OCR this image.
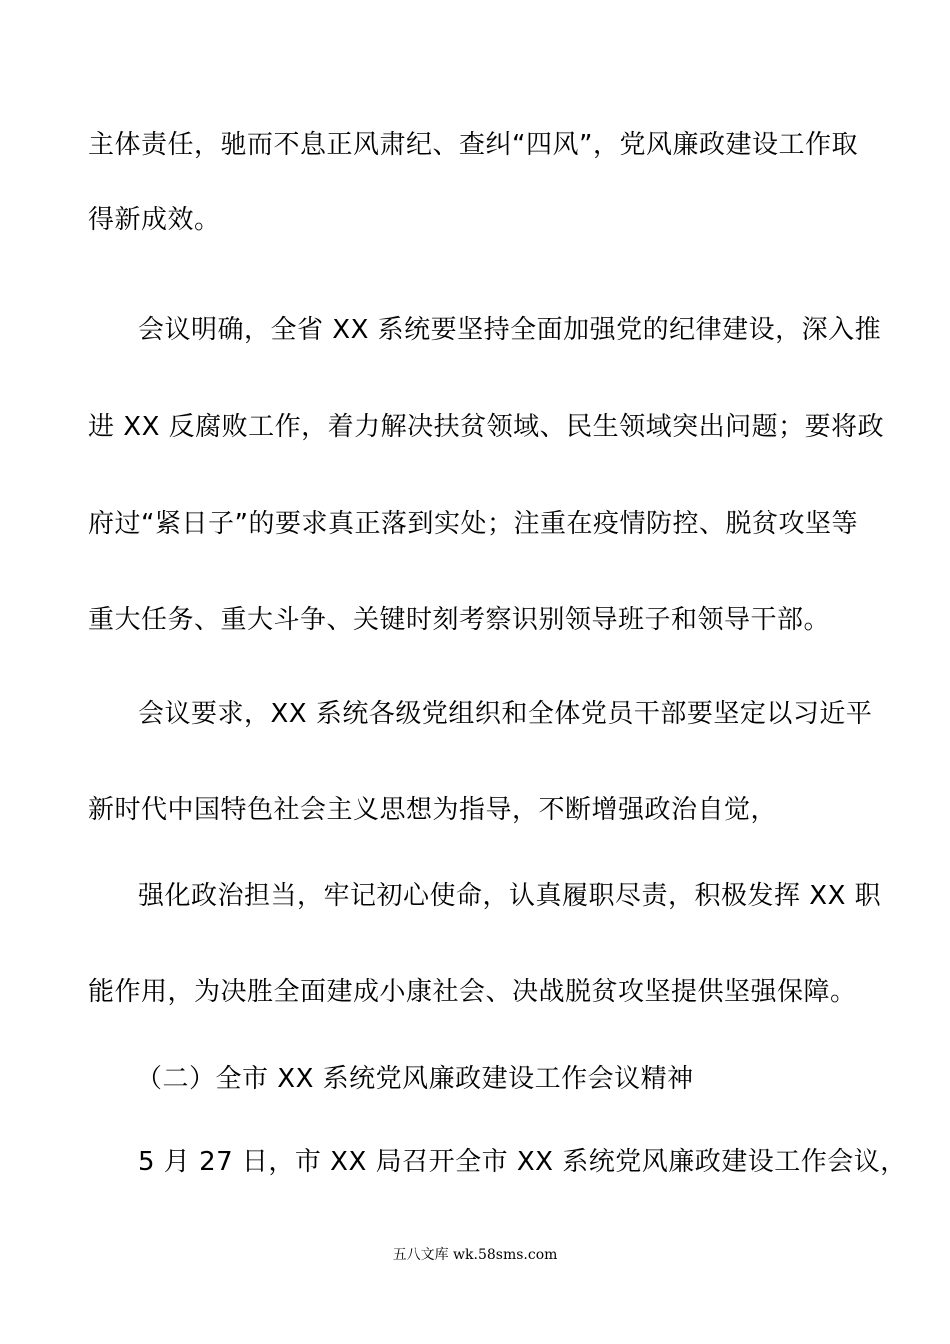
主体责任，驰而不息正风肃纪、查纠“四风”，党风廉政建设工作取
得新成效。
会议明确，全省 XX 系统要坚持全面加强党的纪律建设，深入推
进 XX 反腐败工作，着力解决扶贫领域、民生领域突出问题；要将政
府过“紧日子”的要求真正落到实处；注重在疫情防控、脱贫攻坚等
重大任务、重大斗争、关键时刻考察识别领导班子和领导干部。
会议要求，XX 系统各级党组织和全体党员干部要坚定以习近平
新时代中国特色社会主义思想为指导，不断增强政治自觉，
强化政治担当，牢记初心使命，认真履职尽责，积极发挥 XX 职
能作用，为决胜全面建成小康社会、决战脱贫攻坚提供坚强保障。
（二）全市 XX 系统党风廉政建设工作会议精神
5 月 27 日，市 XX 局召开全市 XX 系统党风廉政建设工作会议，
五八文库 wk.58sms.com
